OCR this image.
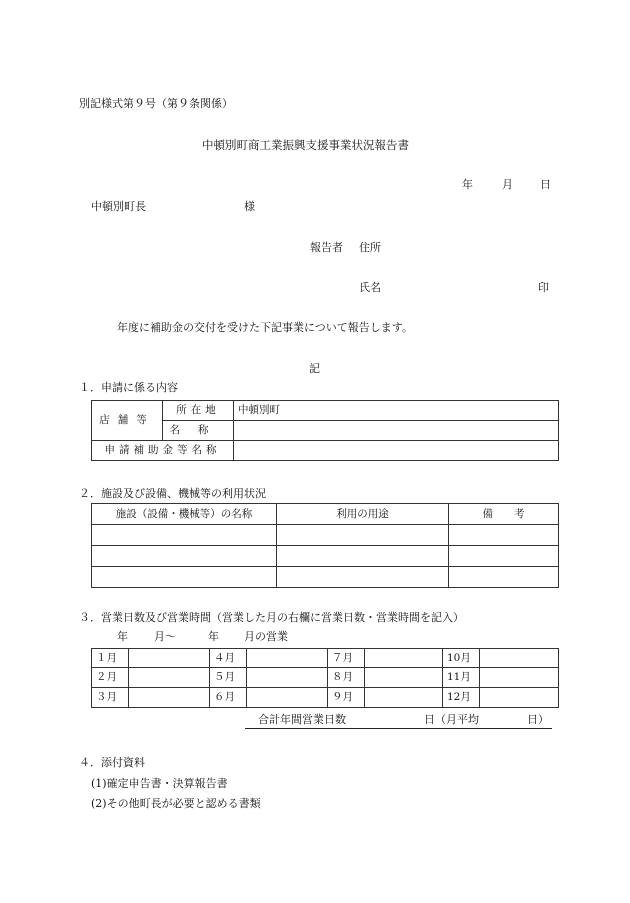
別記様式第９号（第９条関係）
中頓別町商工業振興支援事業状況報告書
年	月 日
中頓別町長	様
報告者 住所
氏名	印
年度に補助金の交付を受けた下記事業について報告します。
記
１．申請に係る内容
店舗等	所在地	中頓別町
	名称	
申請補助金等名称		
２．施設及び設備、機械等の利用状況
施設（設備・機械等）の名称	利用の用途	備　　考

３．営業日数及び営業時間（営業した月の右欄に営業日数・営業時間を記入）
年 月～	年 月の営業
１月		４月		７月		10月	
２月		５月		８月		11月	
３月		６月		９月		12月	
合計年間営業日数	日（月平均	日）
４．添付資料
(1)確定申告書・決算報告書
(2)その他町長が必要と認める書類
